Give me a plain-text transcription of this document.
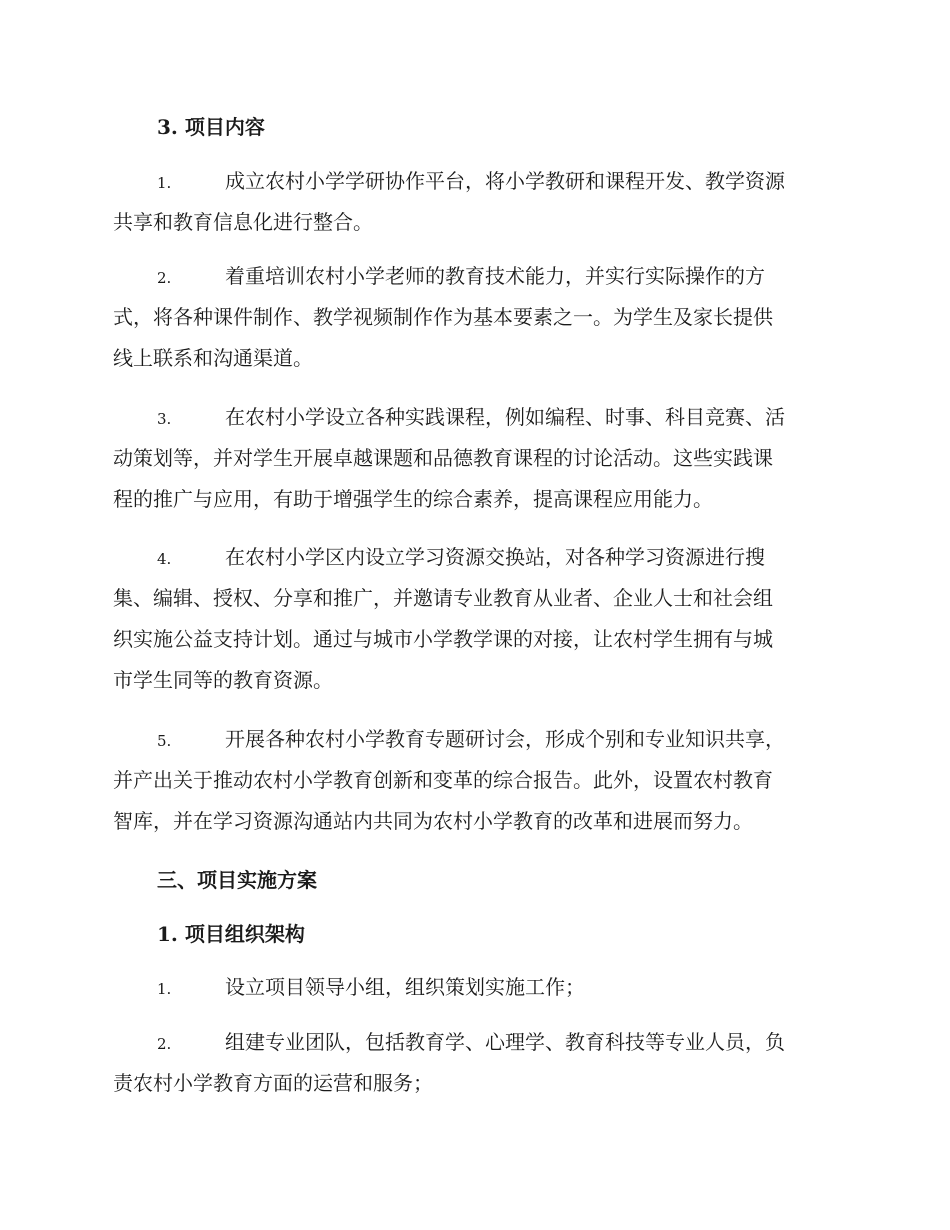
3. 项目内容
1.	成立农村小学学研协作平台，将小学教研和课程开发、教学资源
共享和教育信息化进行整合。
2.	着重培训农村小学老师的教育技术能力，并实行实际操作的方
式，将各种课件制作、教学视频制作作为基本要素之一。为学生及家长提供
线上联系和沟通渠道。
3.	在农村小学设立各种实践课程，例如编程、时事、科目竞赛、活
动策划等，并对学生开展卓越课题和品德教育课程的讨论活动。这些实践课
程的推广与应用，有助于增强学生的综合素养，提高课程应用能力。
4.	在农村小学区内设立学习资源交换站，对各种学习资源进行搜
集、编辑、授权、分享和推广，并邀请专业教育从业者、企业人士和社会组
织实施公益支持计划。通过与城市小学教学课的对接，让农村学生拥有与城
市学生同等的教育资源。
5.	开展各种农村小学教育专题研讨会，形成个别和专业知识共享，
并产出关于推动农村小学教育创新和变革的综合报告。此外，设置农村教育
智库，并在学习资源沟通站内共同为农村小学教育的改革和进展而努力。
三、项目实施方案
1. 项目组织架构
1.	设立项目领导小组，组织策划实施工作；
2.	组建专业团队，包括教育学、心理学、教育科技等专业人员，负
责农村小学教育方面的运营和服务；
